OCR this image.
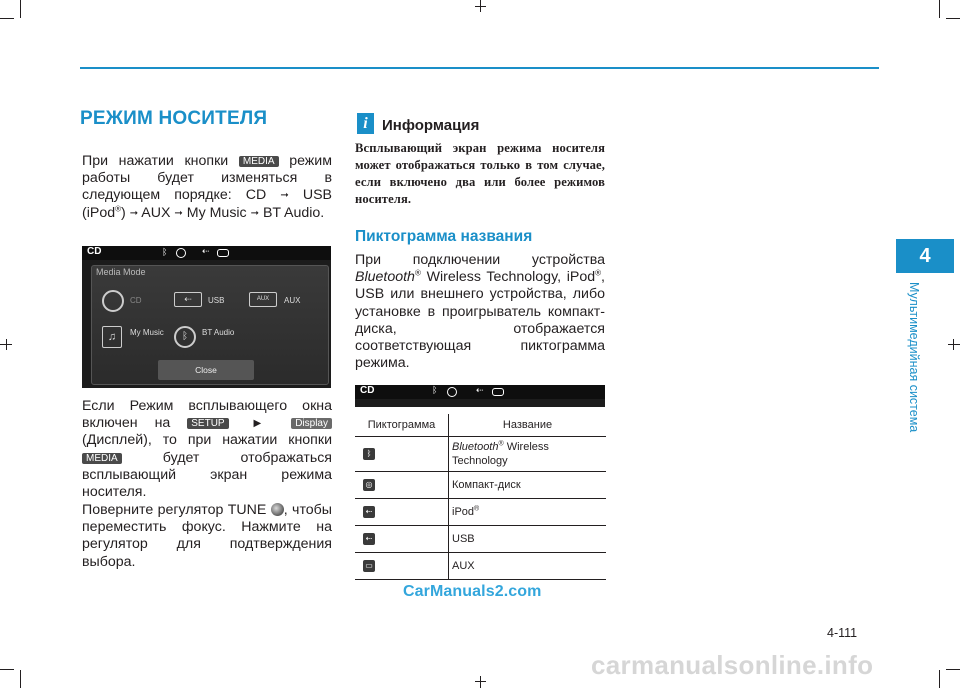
РЕЖИМ НОСИТЕЛЯ

При нажатии кнопки MEDIA режим работы будет изменяться в следующем порядке: CD ➞ USB (iPod®) ➞ AUX ➞ My Music ➞ BT Audio.

CD	ᛒ	⇠
Media Mode
CD	⇠	USB	AUX	AUX
♫	My Music	ᛒ	BT Audio
Close

Если Режим всплывающего окна включен на SETUP	▶ Display (Дисплей), то при нажатии кнопки MEDIA	будет отображаться всплывающий экран режима носителя.

Поверните регулятор TUNE , чтобы переместить фокус. Нажмите на регулятор для подтверждения выбора.

i Информация

Всплывающий экран режима носителя может отображаться только в том случае, если включено два или более режимов носителя.

Пиктограмма названия

При подключении устройства Bluetooth® Wireless Technology, iPod®, USB или внешнего устройства, либо установке в проигрыватель компакт-диска, отображается соответствующая пиктограмма режима.

CD	ᛒ	⇠
Пиктограмма	Название
ᛒ	Bluetooth® Wireless Technology
◎	Компакт-диск
⇠	iPod®
⇠	USB
▭	AUX
CarManuals2.com
4
Мультимедийная система
4-111
carmanualsonline.info
